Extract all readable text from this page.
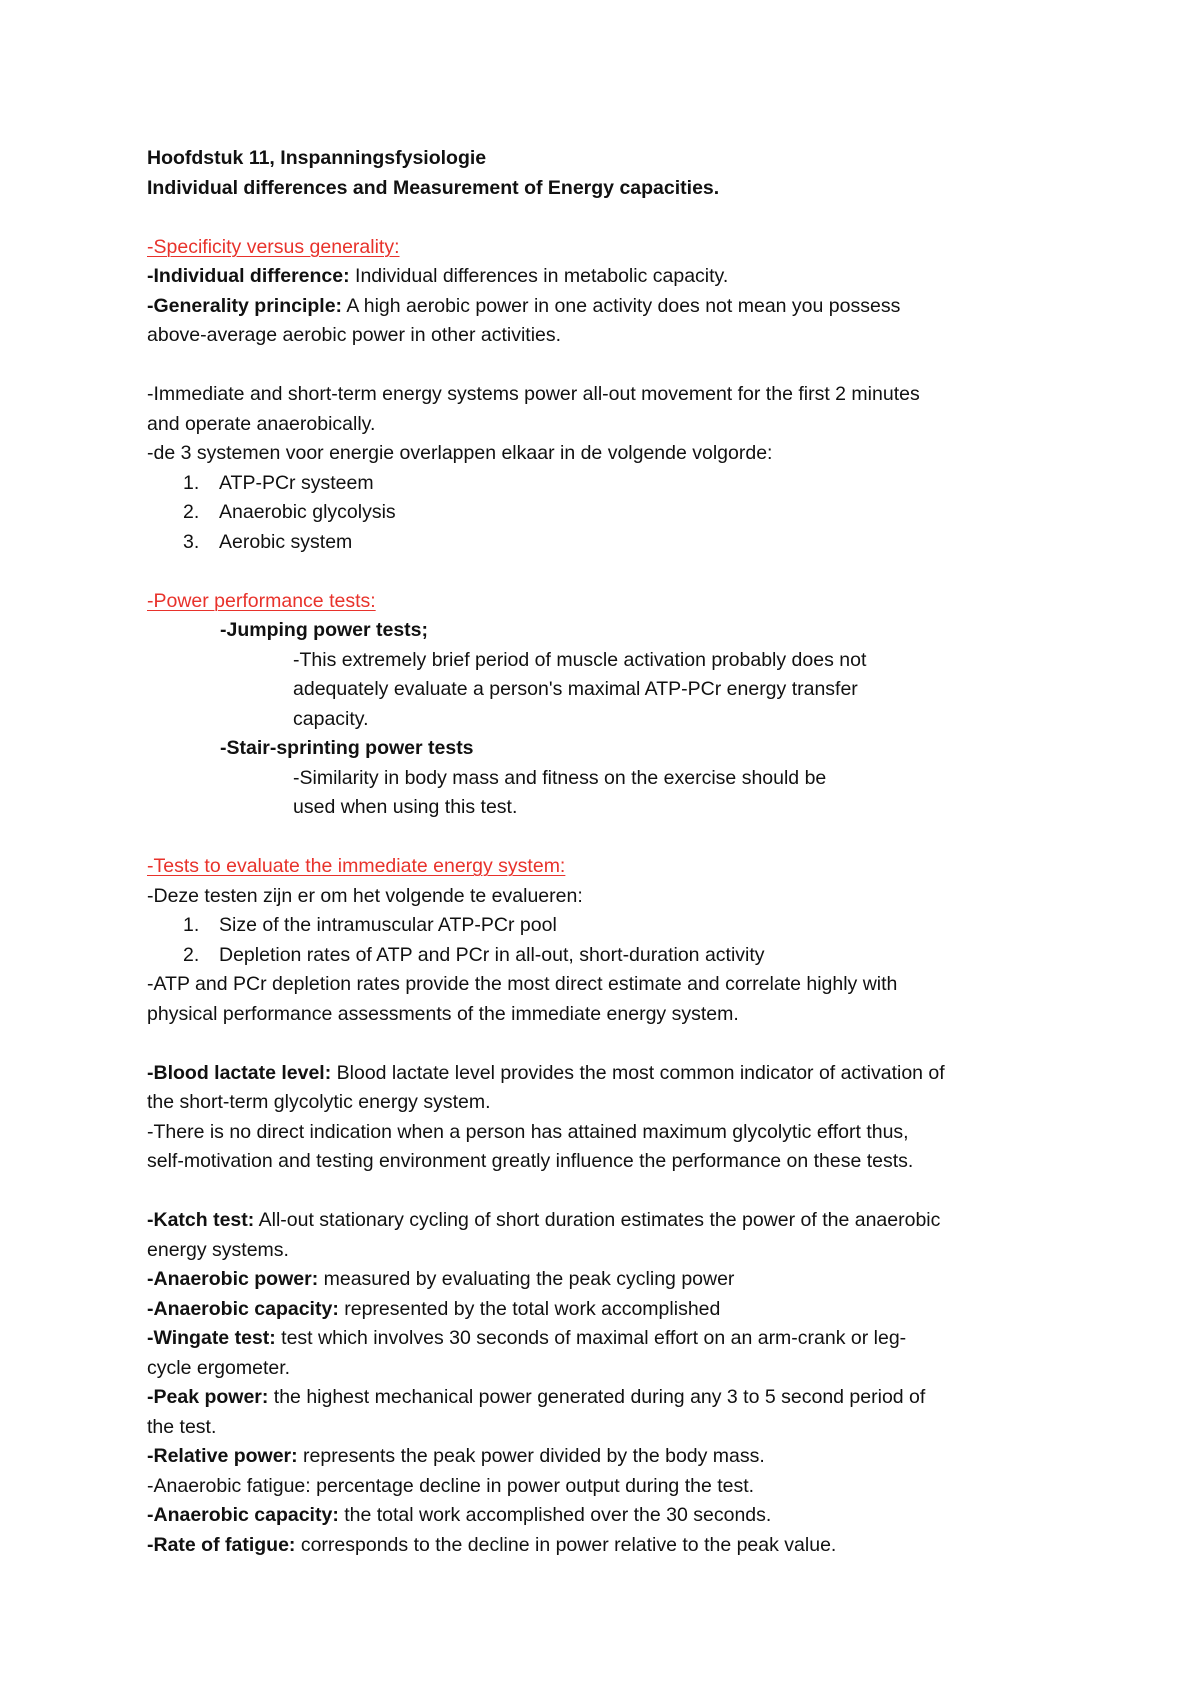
Hoofdstuk 11, Inspanningsfysiologie
Individual differences and Measurement of Energy capacities.
-Specificity versus generality:
-Individual difference: Individual differences in metabolic capacity.
-Generality principle: A high aerobic power in one activity does not mean you possess
above-average aerobic power in other activities.
-Immediate and short-term energy systems power all-out movement for the first 2 minutes
and operate anaerobically.
-de 3 systemen voor energie overlappen elkaar in de volgende volgorde:
1. ATP-PCr systeem
2. Anaerobic glycolysis
3. Aerobic system
-Power performance tests:
-Jumping power tests;
-This extremely brief period of muscle activation probably does not
adequately evaluate a person's maximal ATP-PCr energy transfer
capacity.
-Stair-sprinting power tests
-Similarity in body mass and fitness on the exercise should be
used when using this test.
-Tests to evaluate the immediate energy system:
-Deze testen zijn er om het volgende te evalueren:
1. Size of the intramuscular ATP-PCr pool
2. Depletion rates of ATP and PCr in all-out, short-duration activity
-ATP and PCr depletion rates provide the most direct estimate and correlate highly with
physical performance assessments of the immediate energy system.
-Blood lactate level: Blood lactate level provides the most common indicator of activation of
the short-term glycolytic energy system.
-There is no direct indication when a person has attained maximum glycolytic effort thus,
self-motivation and testing environment greatly influence the performance on these tests.
-Katch test: All-out stationary cycling of short duration estimates the power of the anaerobic
energy systems.
-Anaerobic power: measured by evaluating the peak cycling power
-Anaerobic capacity: represented by the total work accomplished
-Wingate test: test which involves 30 seconds of maximal effort on an arm-crank or leg-
cycle ergometer.
-Peak power: the highest mechanical power generated during any 3 to 5 second period of
the test.
-Relative power: represents the peak power divided by the body mass.
-Anaerobic fatigue: percentage decline in power output during the test.
-Anaerobic capacity: the total work accomplished over the 30 seconds.
-Rate of fatigue: corresponds to the decline in power relative to the peak value.
